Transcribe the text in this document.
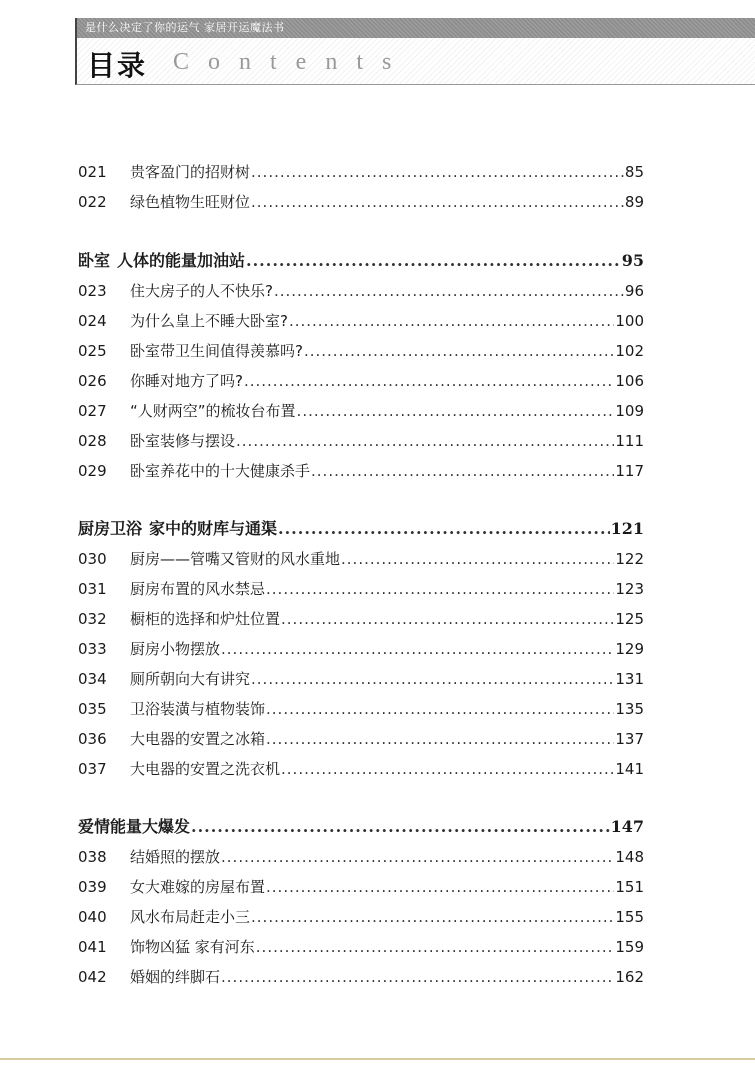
是什么决定了你的运气 家居开运魔法书
目录 Contents
021	贵客盈门的招财树 .....	85
022	绿色植物生旺财位 .....	89
卧室 人体的能量加油站 .....	95
023	住大房子的人不快乐? .....	96
024	为什么皇上不睡大卧室? .....	100
025	卧室带卫生间值得羡慕吗? .....	102
026	你睡对地方了吗? .....	106
027	“人财两空”的梳妆台布置 .....	109
028	卧室装修与摆设 .....	111
029	卧室养花中的十大健康杀手 .....	117
厨房卫浴 家中的财库与通渠 .....	121
030	厨房——管嘴又管财的风水重地 .....	122
031	厨房布置的风水禁忌 .....	123
032	橱柜的选择和炉灶位置 .....	125
033	厨房小物摆放 .....	129
034	厕所朝向大有讲究 .....	131
035	卫浴装潢与植物装饰 .....	135
036	大电器的安置之冰箱 .....	137
037	大电器的安置之洗衣机 .....	141
爱情能量大爆发 .....	147
038	结婚照的摆放 .....	148
039	女大难嫁的房屋布置 .....	151
040	风水布局赶走小三 .....	155
041	饰物凶猛 家有河东 .....	159
042	婚姻的绊脚石 .....	162
